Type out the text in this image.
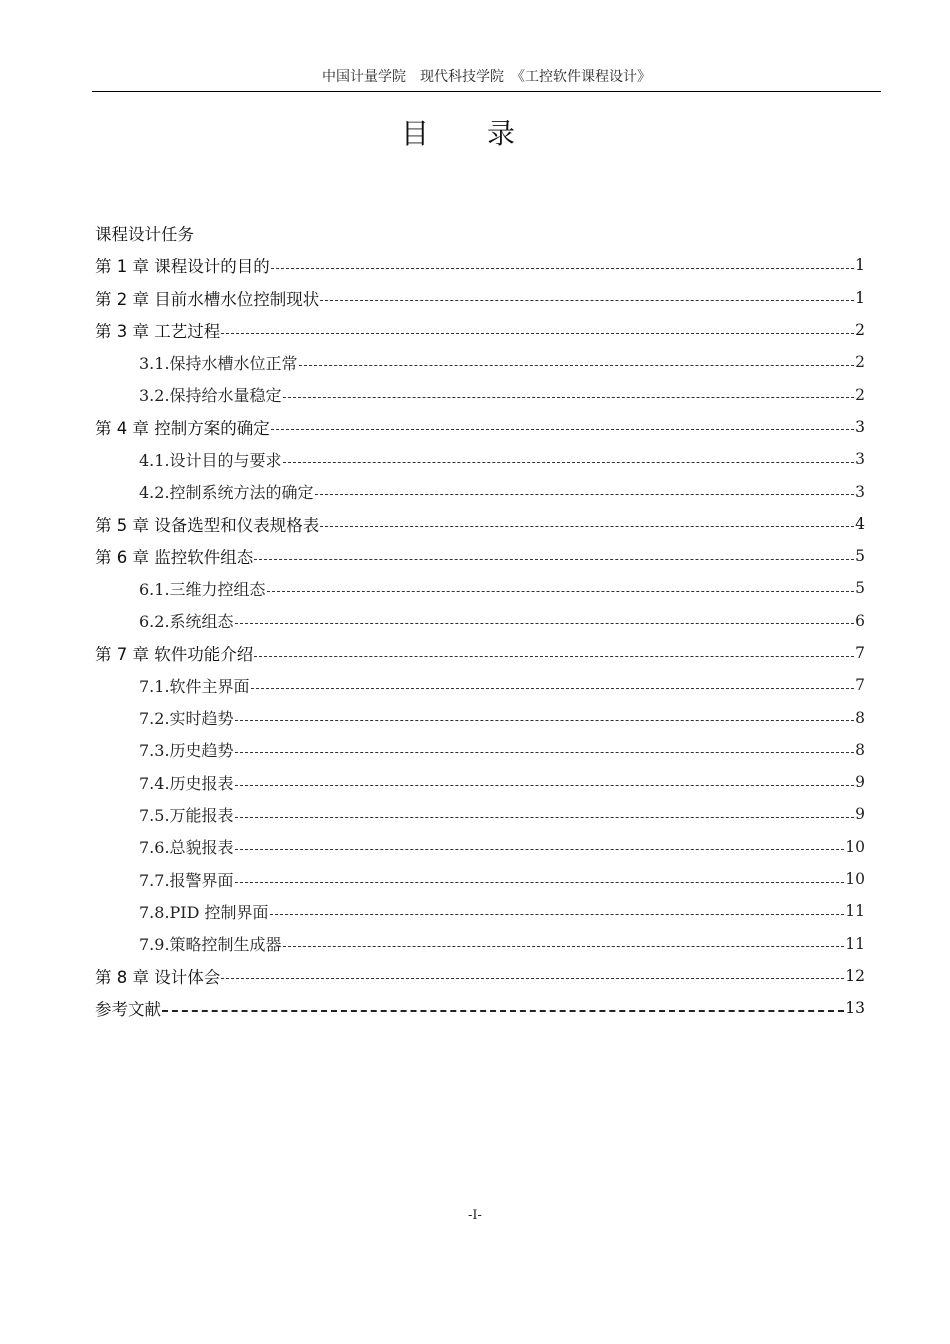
中国计量学院　现代科技学院　《工控软件课程设计》
目录
课程设计任务
第 1 章 课程设计的目的	1
第 2 章 目前水槽水位控制现状	1
第 3 章 工艺过程	2
3.1.保持水槽水位正常	2
3.2.保持给水量稳定	2
第 4 章 控制方案的确定	3
4.1.设计目的与要求	3
4.2.控制系统方法的确定	3
第 5 章 设备选型和仪表规格表	4
第 6 章 监控软件组态	5
6.1.三维力控组态	5
6.2.系统组态	6
第 7 章 软件功能介绍	7
7.1.软件主界面	7
7.2.实时趋势	8
7.3.历史趋势	8
7.4.历史报表	9
7.5.万能报表	9
7.6.总貌报表	10
7.7.报警界面	10
7.8.PID 控制界面	11
7.9.策略控制生成器	11
第 8 章 设计体会	12
参考文献	13
-I-
